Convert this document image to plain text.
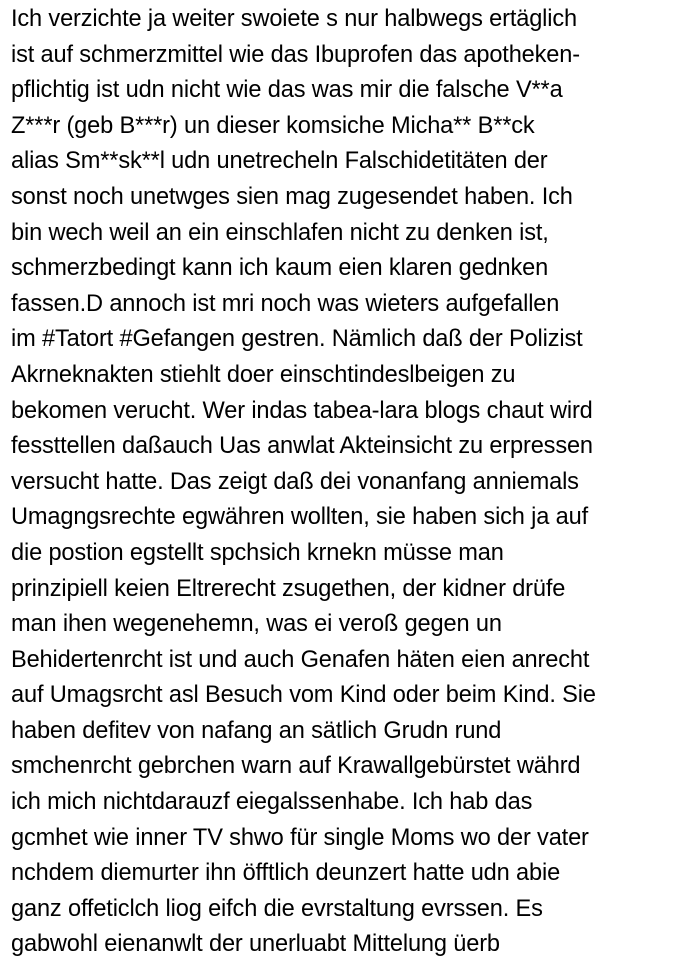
Ich verzichte ja weiter swoiete s nur halbwegs ertäglich
ist auf schmerzmittel wie das Ibuprofen das apotheken-
pflichtig ist udn nicht wie das was mir die falsche V**a
Z***r (geb B***r) un dieser komsiche Micha** B**ck
alias Sm**sk**l udn unetrecheln Falschidetitäten der
sonst noch unetwges sien mag zugesendet haben. Ich
bin wech weil an ein einschlafen nicht zu denken ist,
schmerzbedingt kann ich kaum eien klaren gednken
fassen.D annoch ist mri noch was wieters aufgefallen
im #Tatort #Gefangen gestren. Nämlich daß der Polizist
Akrneknakten stiehlt doer einschtindeslbeigen zu
bekomen verucht. Wer indas tabea-lara blogs chaut wird
fessttellen daßauch Uas anwlat Akteinsicht zu erpressen
versucht hatte. Das zeigt daß dei vonanfang anniemals
Umagngsrechte egwähren wollten, sie haben sich ja auf
die postion egstellt spchsich krnekn müsse man
prinzipiell keien Eltrerecht zsugethen, der kidner drüfe
man ihen wegenehemn, was ei veroß gegen un
Behidertenrcht ist und auch Genafen häten eien anrecht
auf Umagsrcht asl Besuch vom Kind oder beim Kind. Sie
haben defitev von nafang an sätlich Grudn rund
smchenrcht gebrchen warn auf Krawallgebürstet währd
ich mich nichtdarauzf eiegalssenhabe. Ich hab das
gcmhet wie inner TV shwo für single Moms wo der vater
nchdem diemurter ihn öfftlich deunzert hatte udn abie
ganz offeticlch liog eifch die evrstaltung evrssen. Es
gabwohl eienanwlt der unerluabt Mittelung üerb
